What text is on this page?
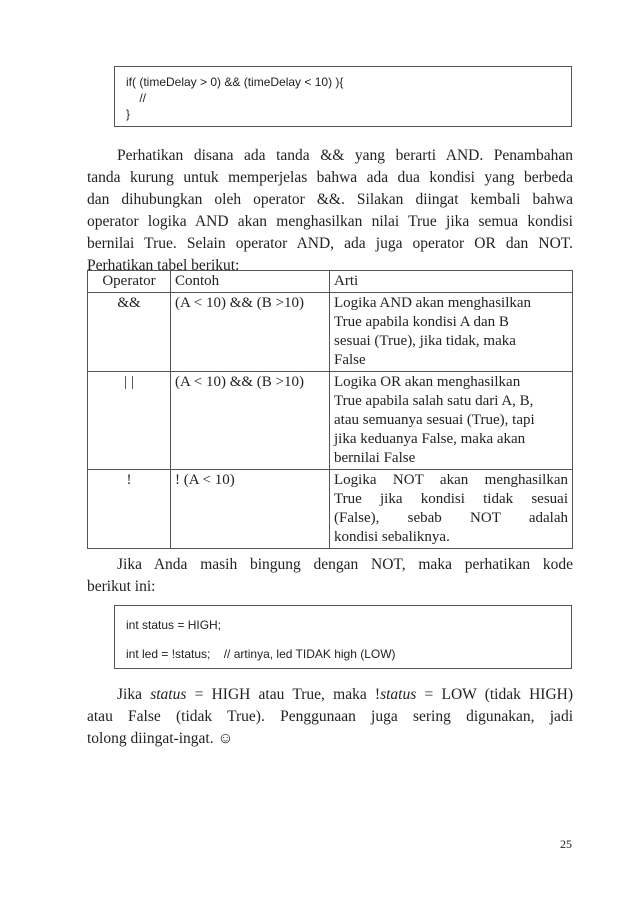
if( (timeDelay > 0) && (timeDelay < 10) ){
//
}
Perhatikan disana ada tanda && yang berarti AND. Penambahan
tanda kurung untuk memperjelas bahwa ada dua kondisi yang berbeda
dan dihubungkan oleh operator &&. Silakan diingat kembali bahwa
operator logika AND akan menghasilkan nilai True jika semua kondisi
bernilai True. Selain operator AND, ada juga operator OR dan NOT.
Perhatikan tabel berikut:
Operator	Contoh	Arti
&&	(A < 10) && (B >10)	Logika AND akan menghasilkan
True apabila kondisi A dan B
sesuai (True), jika tidak, maka
False

| |	(A < 10) && (B >10)	Logika OR akan menghasilkan
True apabila salah satu dari A, B,
atau semuanya sesuai (True), tapi
jika keduanya False, maka akan
bernilai False

!	! (A < 10)	Logika NOT akan menghasilkan
True jika kondisi tidak sesuai
(False), sebab NOT adalah
kondisi sebaliknya.
Jika Anda masih bingung dengan NOT, maka perhatikan kode
berikut ini:
int status = HIGH;
int led = !status;    // artinya, led TIDAK high (LOW)
Jika status = HIGH atau True, maka !status = LOW (tidak HIGH)
atau False (tidak True). Penggunaan juga sering digunakan, jadi
tolong diingat-ingat. ☺
25
